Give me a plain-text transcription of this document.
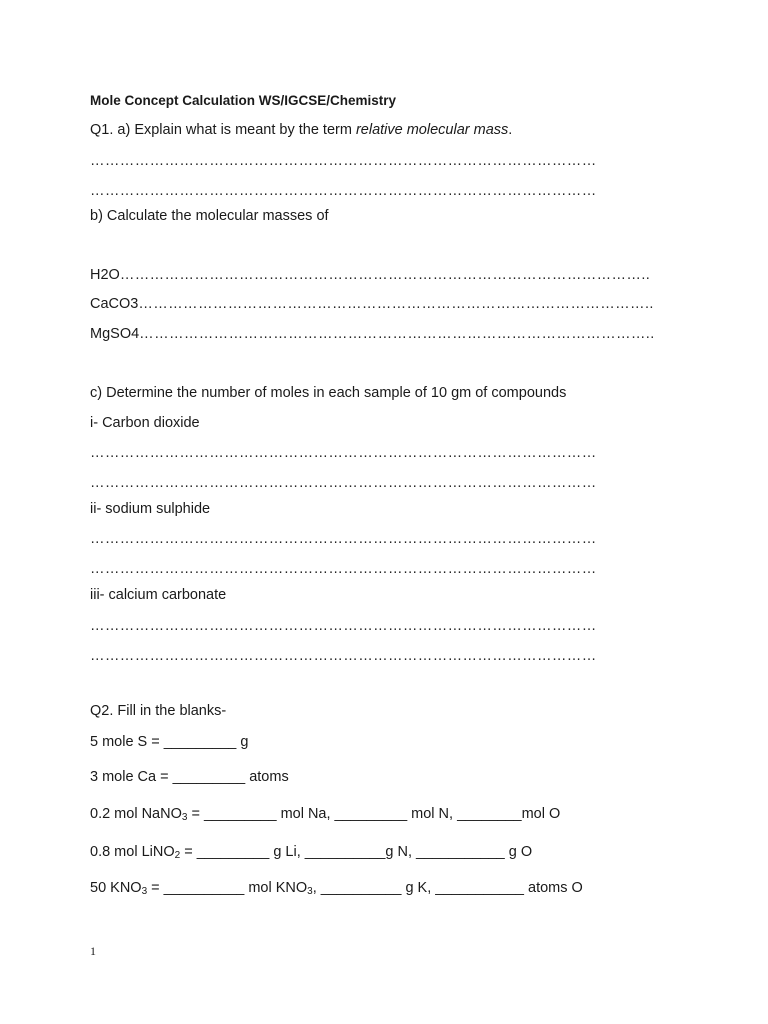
Mole Concept Calculation WS/IGCSE/Chemistry
Q1. a) Explain what is meant by the term relative molecular mass.
…………………………………………………………………………………………
…………………………………………………………………………………………
b) Calculate the molecular masses of
H2O……………………………………………………………………………………………..
CaCO3…………………………………………………………………………………………..
MgSO4…………………………………………………………………………………………..
c) Determine the number of moles in each sample of 10 gm of compounds
i- Carbon dioxide
…………………………………………………………………………………………
…………………………………………………………………………………………
ii- sodium sulphide
…………………………………………………………………………………………
…………………………………………………………………………………………
iii- calcium carbonate
…………………………………………………………………………………………
…………………………………………………………………………………………
Q2. Fill in the blanks-
5 mole S = _________ g
3 mole Ca = _________ atoms
0.2 mol NaNO$_3$ = _________ mol Na, _________ mol N, ________mol O
0.8 mol LiNO$_2$ = _________ g Li, __________g N, ___________ g O
50 $KNO_3$ = __________ mol $KNO_3$, __________ g K, ___________ atoms O
1
